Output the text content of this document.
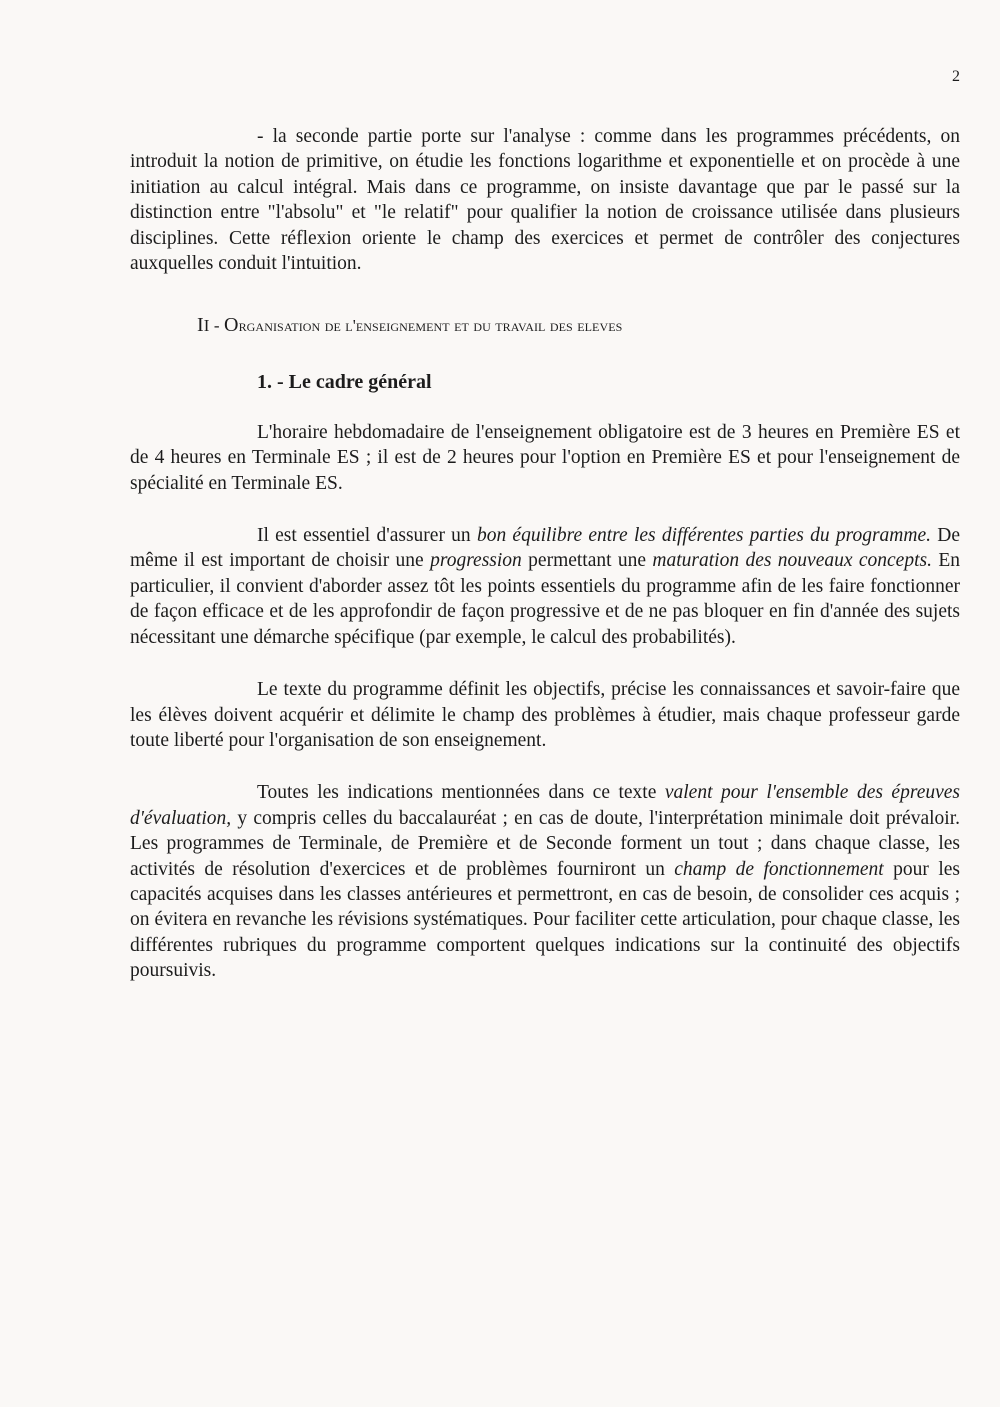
2

- la seconde partie porte sur l'analyse : comme dans les programmes précédents, on introduit la notion de primitive, on étudie les fonctions logarithme et exponentielle et on procède à une initiation au calcul intégral. Mais dans ce programme, on insiste davantage que par le passé sur la distinction entre "l'absolu" et "le relatif" pour qualifier la notion de croissance utilisée dans plusieurs disciplines. Cette réflexion oriente le champ des exercices et permet de contrôler des conjectures auxquelles conduit l'intuition.

II - Organisation de l'enseignement et du travail des eleves
1. - Le cadre général

L'horaire hebdomadaire de l'enseignement obligatoire est de 3 heures en Première ES et de 4 heures en Terminale ES ; il est de 2 heures pour l'option en Première ES et pour l'enseignement de spécialité en Terminale ES.

Il est essentiel d'assurer un bon équilibre entre les différentes parties du programme. De même il est important de choisir une progression permettant une maturation des nouveaux concepts. En particulier, il convient d'aborder assez tôt les points essentiels du programme afin de les faire fonctionner de façon efficace et de les approfondir de façon progressive et de ne pas bloquer en fin d'année des sujets nécessitant une démarche spécifique (par exemple, le calcul des probabilités).

Le texte du programme définit les objectifs, précise les connaissances et savoir-faire que les élèves doivent acquérir et délimite le champ des problèmes à étudier, mais chaque professeur garde toute liberté pour l'organisation de son enseignement.

Toutes les indications mentionnées dans ce texte valent pour l'ensemble des épreuves d'évaluation, y compris celles du baccalauréat ; en cas de doute, l'interprétation minimale doit prévaloir. Les programmes de Terminale, de Première et de Seconde forment un tout ; dans chaque classe, les activités de résolution d'exercices et de problèmes fourniront un champ de fonctionnement pour les capacités acquises dans les classes antérieures et permettront, en cas de besoin, de consolider ces acquis ; on évitera en revanche les révisions systématiques. Pour faciliter cette articulation, pour chaque classe, les différentes rubriques du programme comportent quelques indications sur la continuité des objectifs poursuivis.
